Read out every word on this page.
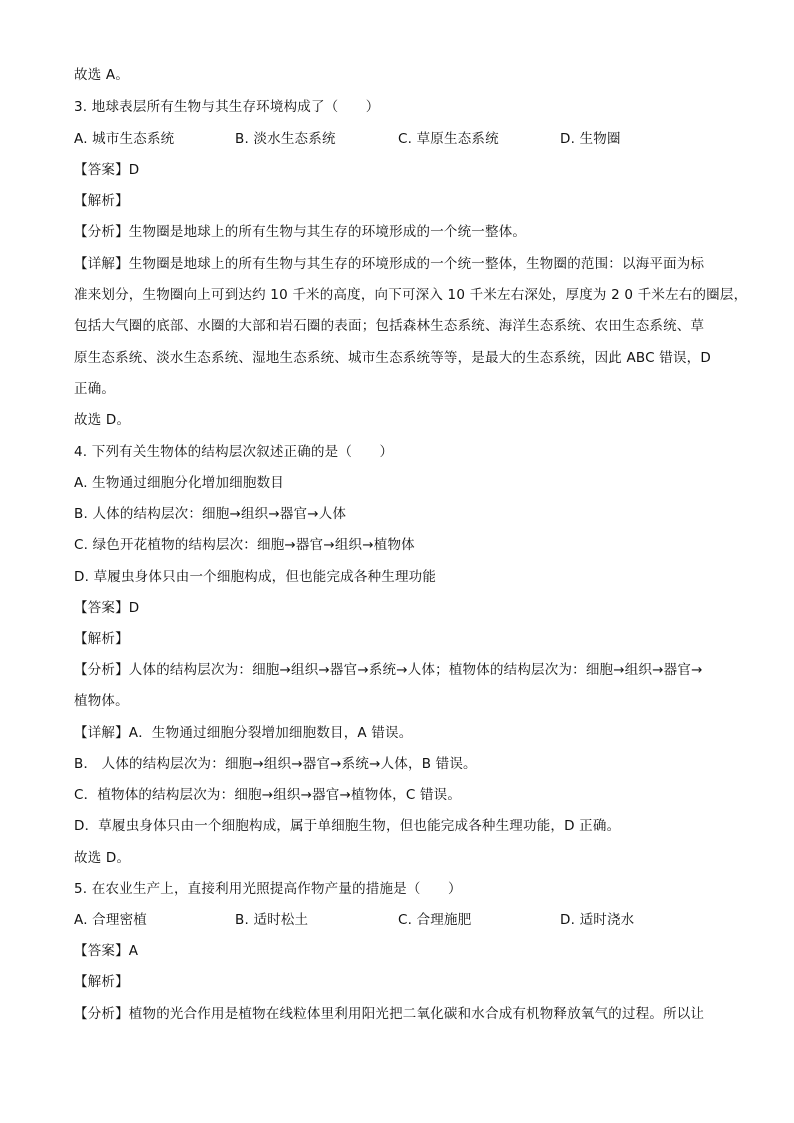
故选 A。
3. 地球表层所有生物与其生存环境构成了（　　）
A. 城市生态系统	B. 淡水生态系统	C. 草原生态系统	D. 生物圈
【答案】D
【解析】
【分析】生物圈是地球上的所有生物与其生存的环境形成的一个统一整体。
【详解】生物圈是地球上的所有生物与其生存的环境形成的一个统一整体，生物圈的范围：以海平面为标
准来划分，生物圈向上可到达约 10 千米的高度，向下可深入 10 千米左右深处，厚度为 2 0 千米左右的圈层，
包括大气圈的底部、水圈的大部和岩石圈的表面；包括森林生态系统、海洋生态系统、农田生态系统、草
原生态系统、淡水生态系统、湿地生态系统、城市生态系统等等，是最大的生态系统，因此 ABC 错误，D
正确。
故选 D。
4. 下列有关生物体的结构层次叙述正确的是（　　）
A. 生物通过细胞分化增加细胞数目
B. 人体的结构层次：细胞→组织→器官→人体
C. 绿色开花植物的结构层次：细胞→器官→组织→植物体
D. 草履虫身体只由一个细胞构成，但也能完成各种生理功能
【答案】D
【解析】
【分析】人体的结构层次为：细胞→组织→器官→系统→人体；植物体的结构层次为：细胞→组织→器官→
植物体。
【详解】A．生物通过细胞分裂增加细胞数目，A 错误。
B． 人体的结构层次为：细胞→组织→器官→系统→人体，B 错误。
C．植物体的结构层次为：细胞→组织→器官→植物体，C 错误。
D．草履虫身体只由一个细胞构成，属于单细胞生物，但也能完成各种生理功能，D 正确。
故选 D。
5. 在农业生产上，直接利用光照提高作物产量的措施是（　　）
A. 合理密植	B. 适时松土	C. 合理施肥	D. 适时浇水
【答案】A
【解析】
【分析】植物的光合作用是植物在线粒体里利用阳光把二氧化碳和水合成有机物释放氧气的过程。所以让
